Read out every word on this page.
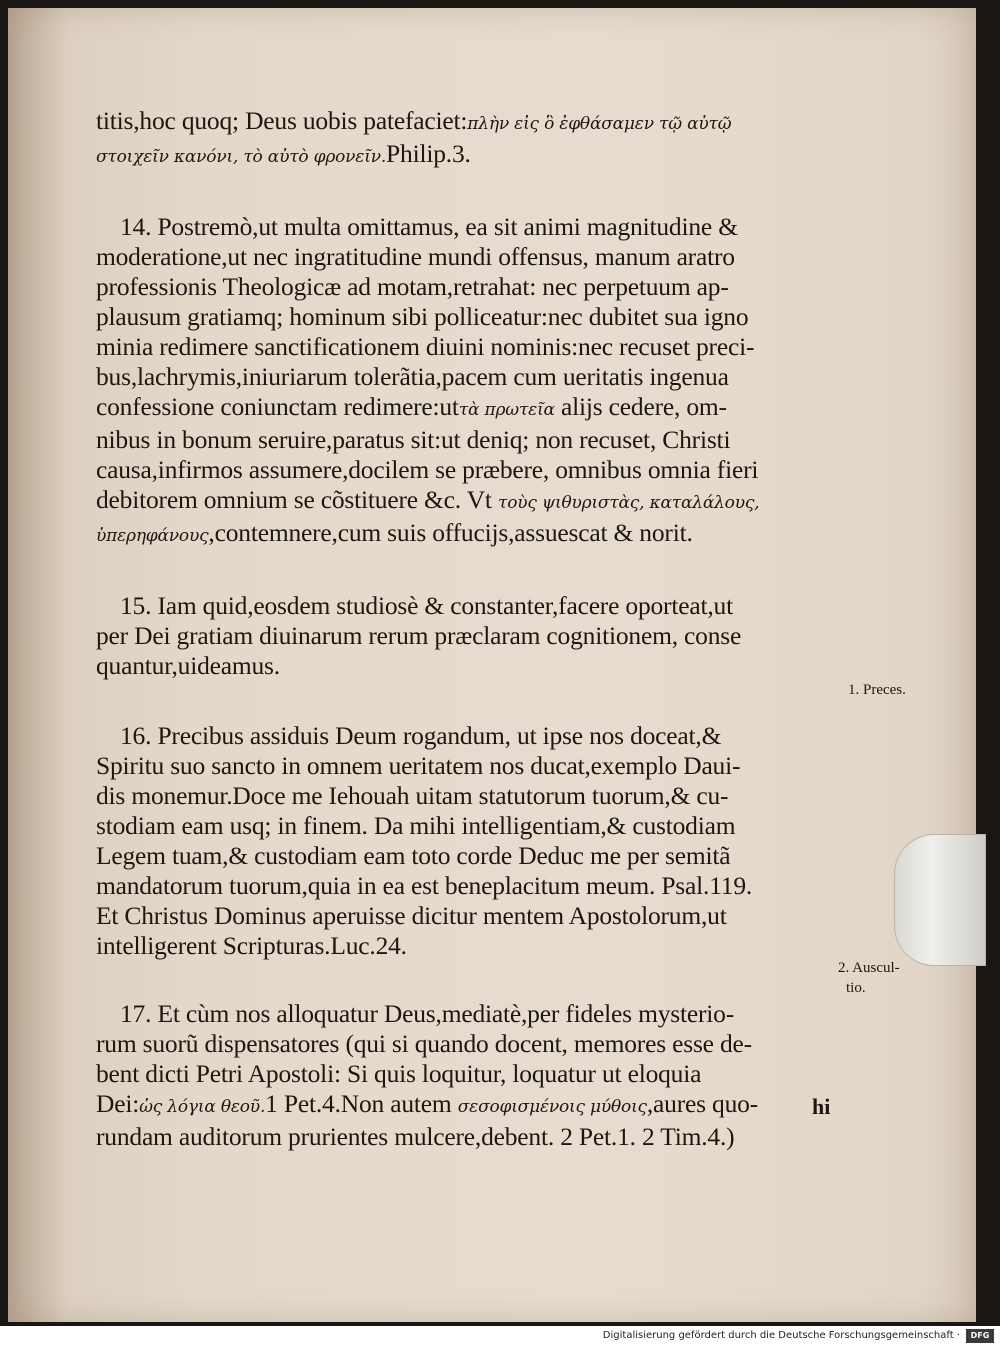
titis,hoc quoq; Deus uobis patefaciet:πλὴν εἰς ὃ ἐφθάσαμεν τῷ αὐτῷ
στοιχεῖν κανόνι, τὸ αὐτὸ φρονεῖν.Philip.3.
14. Postremò,ut multa omittamus, ea sit animi magnitudine &
moderatione,ut nec ingratitudine mundi offensus, manum aratro
professionis Theologicæ ad motam,retrahat: nec perpetuum ap-
plausum gratiamq; hominum sibi polliceatur:nec dubitet sua igno
minia redimere sanctificationem diuini nominis:nec recuset preci-
bus,lachrymis,iniuriarum tolerãtia,pacem cum ueritatis ingenua
confessione coniunctam redimere:utτὰ πρωτεῖα alijs cedere, om-
nibus in bonum seruire,paratus sit:ut deniq; non recuset, Christi
causa,infirmos assumere,docilem se præbere, omnibus omnia fieri
debitorem omnium se cõstituere &c. Vt τοὺς ψιθυριστὰς, καταλάλους,
ὑπερηφάνους,contemnere,cum suis offucijs,assuescat & norit.
15. Iam quid,eosdem studiosè & constanter,facere oporteat,ut
per Dei gratiam diuinarum rerum præclaram cognitionem, conse
quantur,uideamus.
16. Precibus assiduis Deum rogandum, ut ipse nos doceat,&
Spiritu suo sancto in omnem ueritatem nos ducat,exemplo Daui-
dis monemur.Doce me Iehouah uitam statutorum tuorum,& cu-
stodiam eam usq; in finem. Da mihi intelligentiam,& custodiam
Legem tuam,& custodiam eam toto corde Deduc me per semitã
mandatorum tuorum,quia in ea est beneplacitum meum. Psal.119.
Et Christus Dominus aperuisse dicitur mentem Apostolorum,ut
intelligerent Scripturas.Luc.24.
17. Et cùm nos alloquatur Deus,mediatè,per fideles mysterio-
rum suorũ dispensatores (qui si quando docent, memores esse de-
bent dicti Petri Apostoli: Si quis loquitur, loquatur ut eloquia
Dei:ὡς λόγια θεοῦ.1 Pet.4.Non autem σεσοφισμένοις μύθοις,aures quo-
rundam auditorum prurientes mulcere,debent. 2 Pet.1. 2 Tim.4.)
1. Preces.
2. Auscul-
tio.
hi
Digitalisierung gefördert durch die Deutsche Forschungsgemeinschaft ·	DFG
